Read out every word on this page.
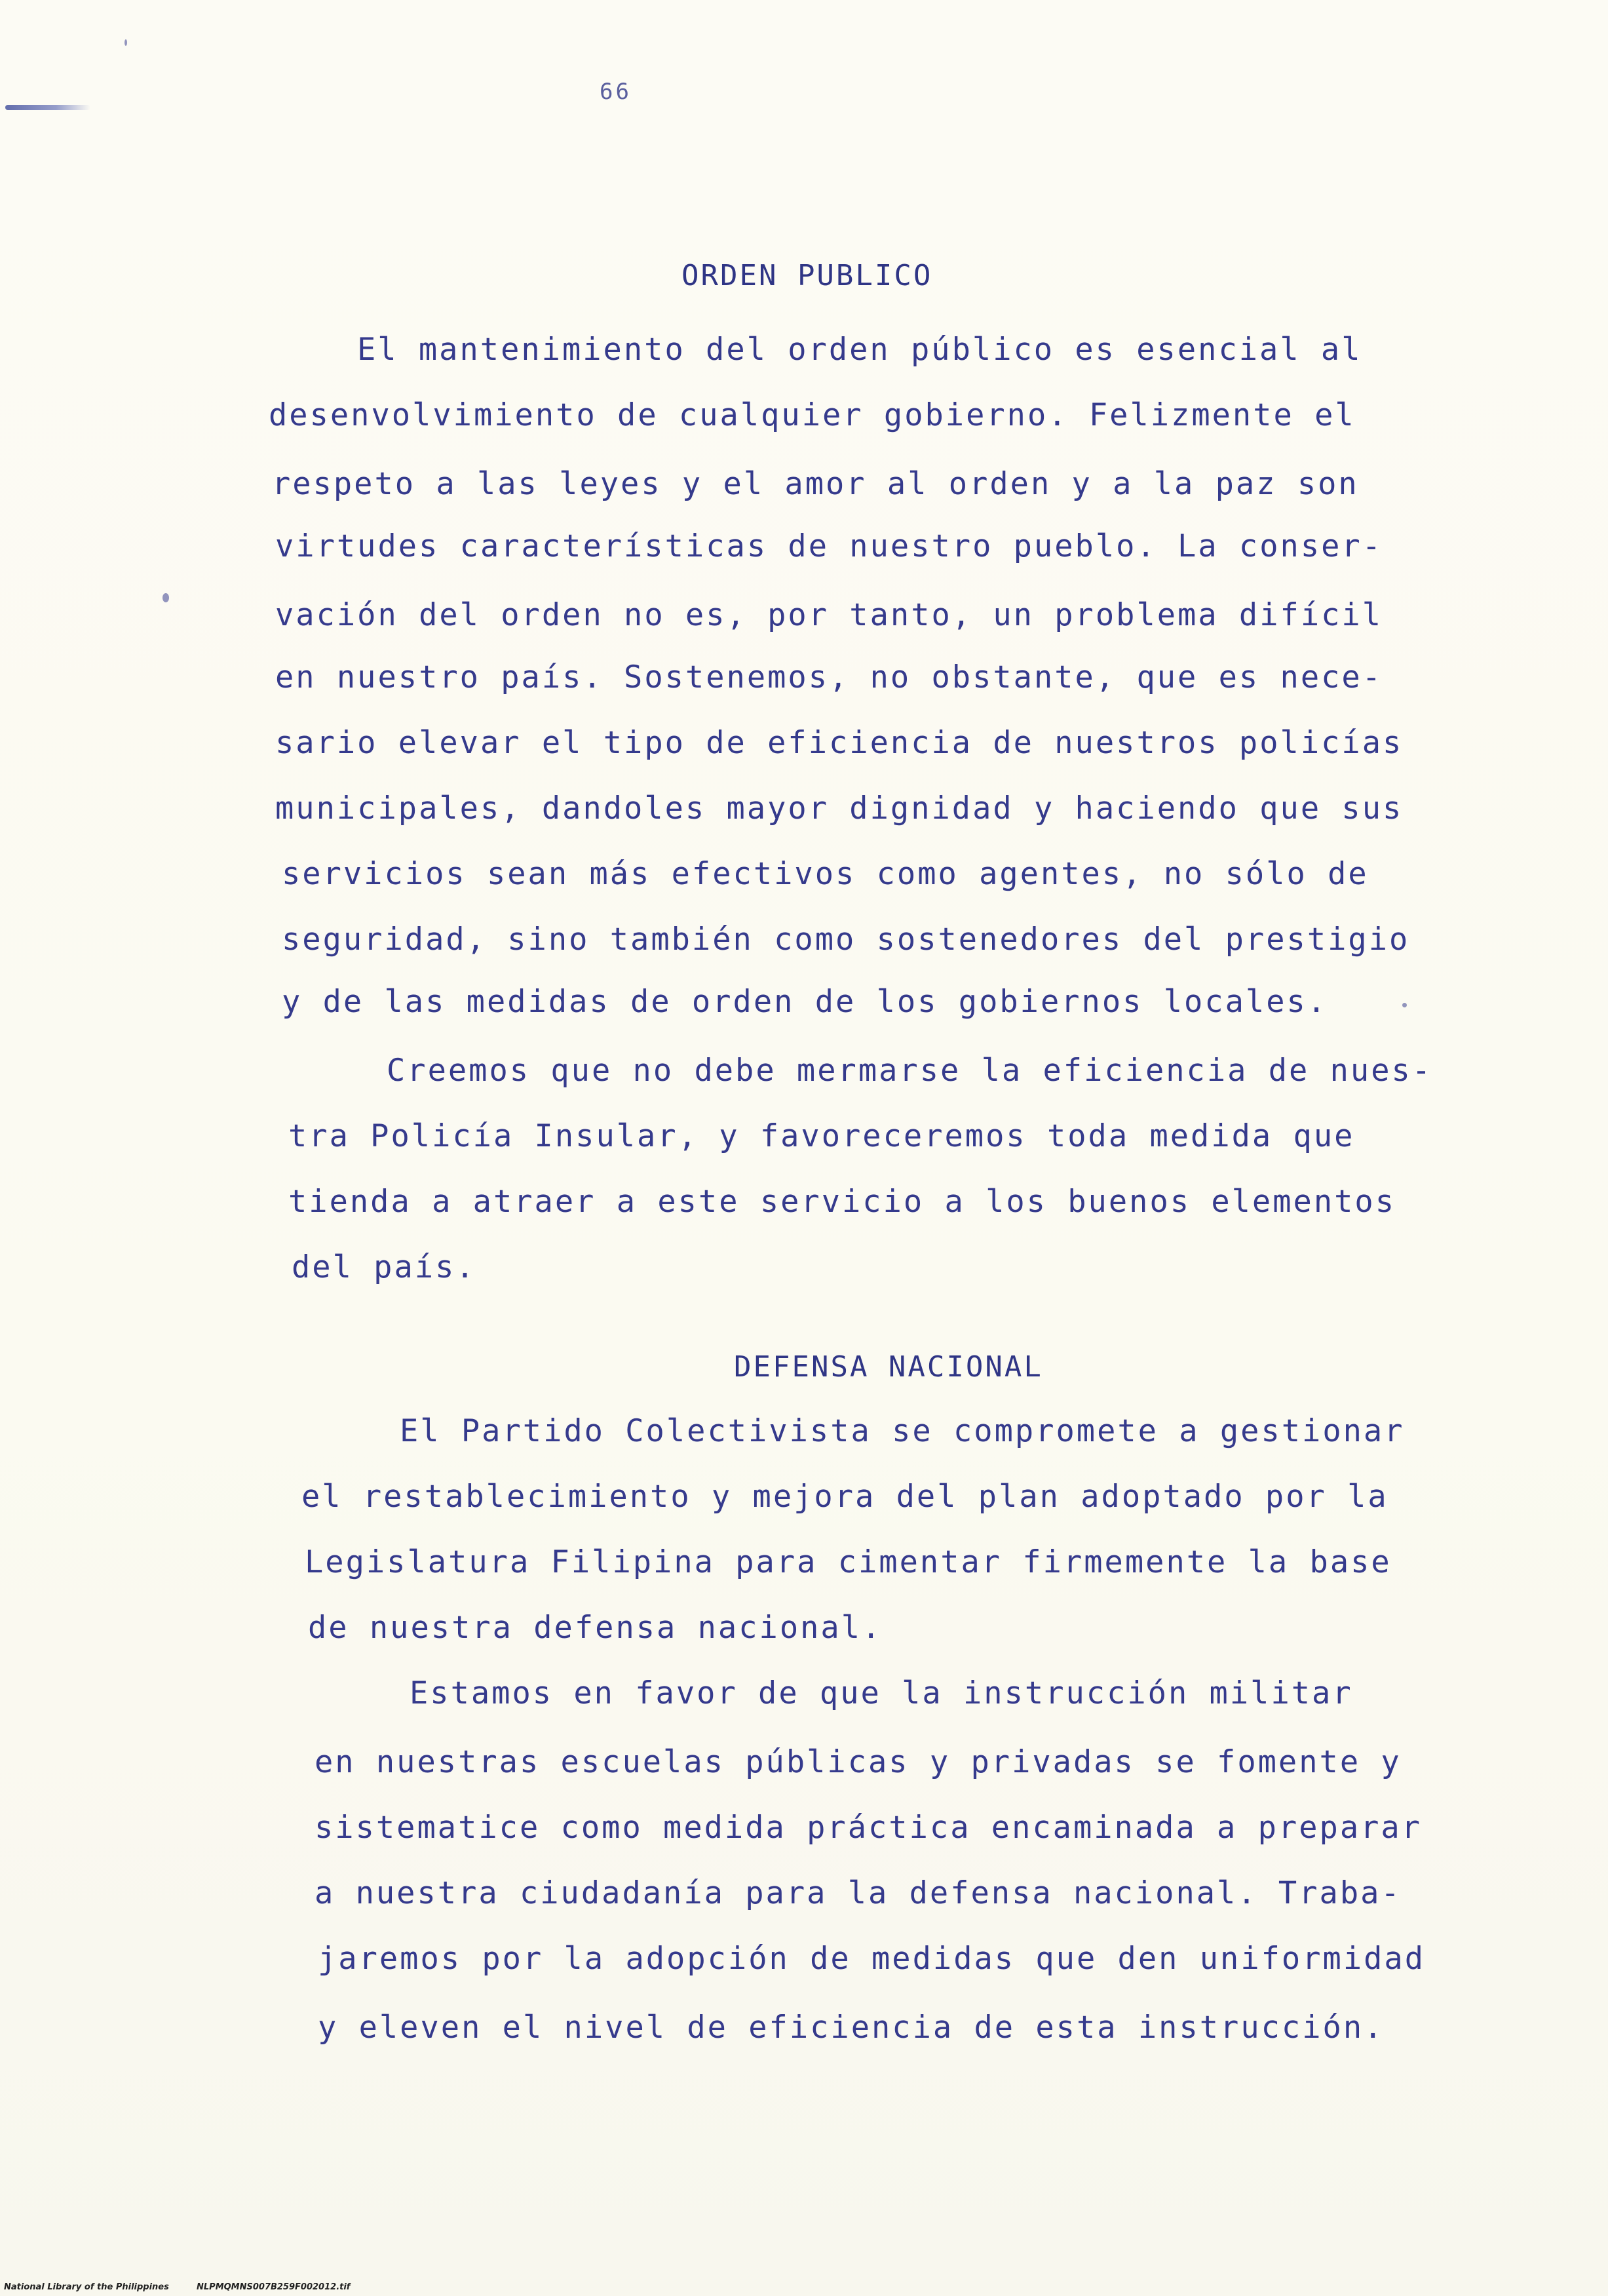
66
ORDEN PUBLICO
El mantenimiento del orden público es esencial al
desenvolvimiento de cualquier gobierno. Felizmente el
respeto a las leyes y el amor al orden y a la paz son
virtudes características de nuestro pueblo. La conser-
vación del orden no es, por tanto, un problema difícil
en nuestro país. Sostenemos, no obstante, que es nece-
sario elevar el tipo de eficiencia de nuestros policías
municipales, dandoles mayor dignidad y haciendo que sus
servicios sean más efectivos como agentes, no sólo de
seguridad, sino también como sostenedores del prestigio
y de las medidas de orden de los gobiernos locales.
Creemos que no debe mermarse la eficiencia de nues-
tra Policía Insular, y favoreceremos toda medida que
tienda a atraer a este servicio a los buenos elementos
del país.
DEFENSA NACIONAL
El Partido Colectivista se compromete a gestionar
el restablecimiento y mejora del plan adoptado por la
Legislatura Filipina para cimentar firmemente la base
de nuestra defensa nacional.
Estamos en favor de que la instrucción militar
en nuestras escuelas públicas y privadas se fomente y
sistematice como medida práctica encaminada a preparar
a nuestra ciudadanía para la defensa nacional. Traba-
jaremos por la adopción de medidas que den uniformidad
y eleven el nivel de eficiencia de esta instrucción.
National Library of the Philippines	NLPMQMNS007B259F002012.tif
